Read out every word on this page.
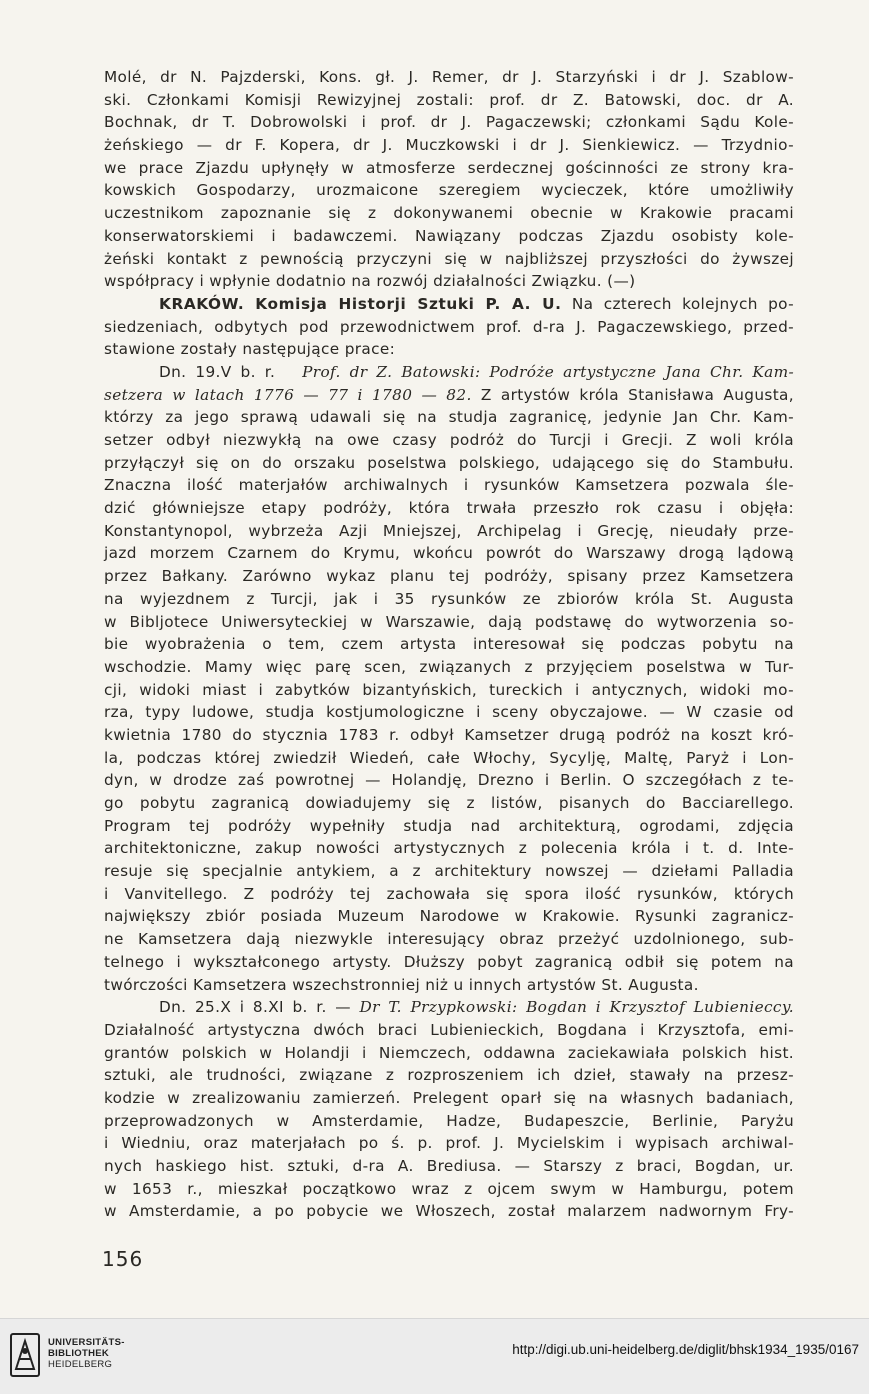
Molé, dr N. Pajzderski, Kons. gł. J. Remer, dr J. Starzyński i dr J. Szablow-
ski. Członkami Komisji Rewizyjnej zostali: prof. dr Z. Batowski, doc. dr A.
Bochnak, dr T. Dobrowolski i prof. dr J. Pagaczewski; członkami Sądu Kole-
żeńskiego — dr F. Kopera, dr J. Muczkowski i dr J. Sienkiewicz. — Trzydnio-
we prace Zjazdu upłynęły w atmosferze serdecznej gościnności ze strony kra-
kowskich Gospodarzy, urozmaicone szeregiem wycieczek, które umożliwiły
uczestnikom zapoznanie się z dokonywanemi obecnie w Krakowie pracami
konserwatorskiemi i badawczemi. Nawiązany podczas Zjazdu osobisty kole-
żeński kontakt z pewnością przyczyni się w najbliższej przyszłości do żywszej
współpracy i wpłynie dodatnio na rozwój działalności Związku. (—)
KRAKÓW. Komisja Historji Sztuki P. A. U. Na czterech kolejnych po-
siedzeniach, odbytych pod przewodnictwem prof. d-ra J. Pagaczewskiego, przed-
stawione zostały następujące prace:
Dn. 19.V b. r. Prof. dr Z. Batowski: Podróże artystyczne Jana Chr. Kam-
setzera w latach 1776 — 77 i 1780 — 82. Z artystów króla Stanisława Augusta,
którzy za jego sprawą udawali się na studja zagranicę, jedynie Jan Chr. Kam-
setzer odbył niezwykłą na owe czasy podróż do Turcji i Grecji. Z woli króla
przyłączył się on do orszaku poselstwa polskiego, udającego się do Stambułu.
Znaczna ilość materjałów archiwalnych i rysunków Kamsetzera pozwala śle-
dzić główniejsze etapy podróży, która trwała przeszło rok czasu i objęła:
Konstantynopol, wybrzeża Azji Mniejszej, Archipelag i Grecję, nieudały prze-
jazd morzem Czarnem do Krymu, wkońcu powrót do Warszawy drogą lądową
przez Bałkany. Zarówno wykaz planu tej podróży, spisany przez Kamsetzera
na wyjezdnem z Turcji, jak i 35 rysunków ze zbiorów króla St. Augusta
w Bibljotece Uniwersyteckiej w Warszawie, dają podstawę do wytworzenia so-
bie wyobrażenia o tem, czem artysta interesował się podczas pobytu na
wschodzie. Mamy więc parę scen, związanych z przyjęciem poselstwa w Tur-
cji, widoki miast i zabytków bizantyńskich, tureckich i antycznych, widoki mo-
rza, typy ludowe, studja kostjumologiczne i sceny obyczajowe. — W czasie od
kwietnia 1780 do stycznia 1783 r. odbył Kamsetzer drugą podróż na koszt kró-
la, podczas której zwiedził Wiedeń, całe Włochy, Sycylję, Maltę, Paryż i Lon-
dyn, w drodze zaś powrotnej — Holandję, Drezno i Berlin. O szczegółach z te-
go pobytu zagranicą dowiadujemy się z listów, pisanych do Bacciarellego.
Program tej podróży wypełniły studja nad architekturą, ogrodami, zdjęcia
architektoniczne, zakup nowości artystycznych z polecenia króla i t. d. Inte-
resuje się specjalnie antykiem, a z architektury nowszej — dziełami Palladia
i Vanvitellego. Z podróży tej zachowała się spora ilość rysunków, których
największy zbiór posiada Muzeum Narodowe w Krakowie. Rysunki zagranicz-
ne Kamsetzera dają niezwykle interesujący obraz przeżyć uzdolnionego, sub-
telnego i wykształconego artysty. Dłuższy pobyt zagranicą odbił się potem na
twórczości Kamsetzera wszechstronniej niż u innych artystów St. Augusta.
Dn. 25.X i 8.XI b. r. — Dr T. Przypkowski: Bogdan i Krzysztof Lubienieccy.
Działalność artystyczna dwóch braci Lubienieckich, Bogdana i Krzysztofa, emi-
grantów polskich w Holandji i Niemczech, oddawna zaciekawiała polskich hist.
sztuki, ale trudności, związane z rozproszeniem ich dzieł, stawały na przesz-
kodzie w zrealizowaniu zamierzeń. Prelegent oparł się na własnych badaniach,
przeprowadzonych w Amsterdamie, Hadze, Budapeszcie, Berlinie, Paryżu
i Wiedniu, oraz materjałach po ś. p. prof. J. Mycielskim i wypisach archiwal-
nych haskiego hist. sztuki, d-ra A. Brediusa. — Starszy z braci, Bogdan, ur.
w 1653 r., mieszkał początkowo wraz z ojcem swym w Hamburgu, potem
w Amsterdamie, a po pobycie we Włoszech, został malarzem nadwornym Fry-
156
UNIVERSITÄTS-
BIBLIOTHEK
HEIDELBERG
http://digi.ub.uni-heidelberg.de/diglit/bhsk1934_1935/0167
